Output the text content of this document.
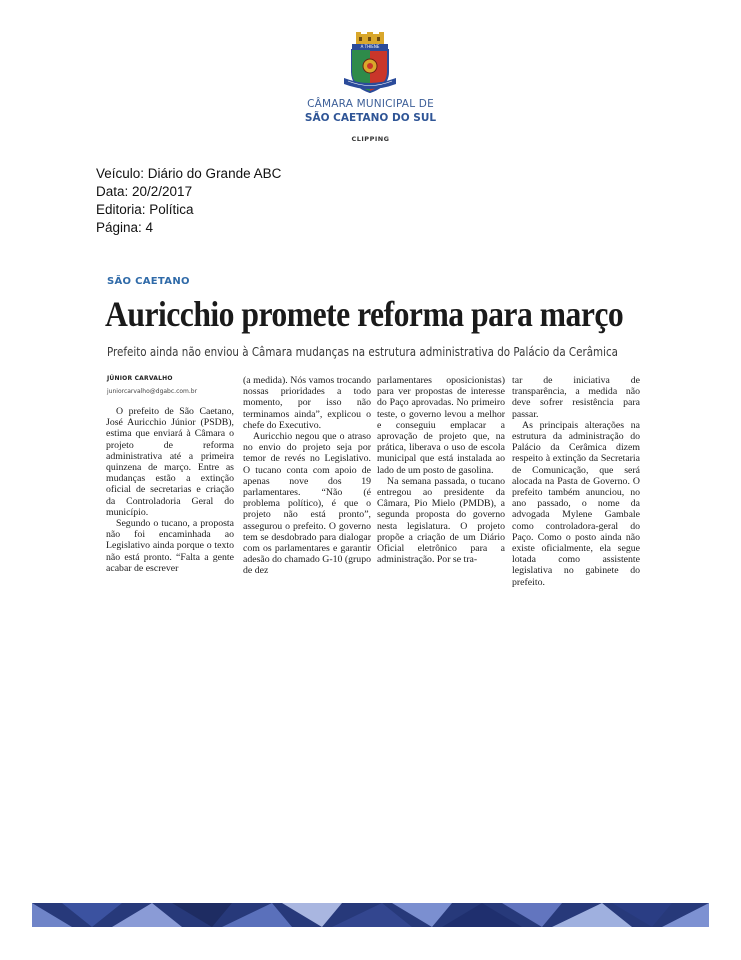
A THIENE
CÂMARA MUNICIPAL DE
SÃO CAETANO DO SUL
CLIPPING
Veículo: Diário do Grande ABC
Data: 20/2/2017
Editoria: Política
Página: 4
SÃO CAETANO
Auricchio promete reforma para março
Prefeito ainda não enviou à Câmara mudanças na estrutura administrativa do Palácio da Cerâmica
JÚNIOR CARVALHO
juniorcarvalho@dgabc.com.br

O prefeito de São Caetano, José Auricchio Júnior (PSDB), estima que enviará à Câmara o projeto de reforma administrativa até a primeira quinzena de março. Entre as mudanças estão a extinção oficial de secretarias e criação da Controladoria Geral do município.

Segundo o tucano, a proposta não foi encaminhada ao Legislativo ainda porque o texto não está pronto. “Falta a gente acabar de escrever

(a medida). Nós vamos trocando nossas prioridades a todo momento, por isso não terminamos ainda”, explicou o chefe do Executivo.

Auricchio negou que o atraso no envio do projeto seja por temor de revés no Legislativo. O tucano conta com apoio de apenas nove dos 19 parlamentares. “Não (é problema político), é que o projeto não está pronto”, assegurou o prefeito. O governo tem se desdobrado para dialogar com os parlamentares e garantir adesão do chamado G-10 (grupo de dez

parlamentares oposicionistas) para ver propostas de interesse do Paço aprovadas. No primeiro teste, o governo levou a melhor e conseguiu emplacar a aprovação de projeto que, na prática, liberava o uso de escola municipal que está instalada ao lado de um posto de gasolina.

Na semana passada, o tucano entregou ao presidente da Câmara, Pio Mielo (PMDB), a segunda proposta do governo nesta legislatura. O projeto propõe a criação de um Diário Oficial eletrônico para a administração. Por se tra-

tar de iniciativa de transparência, a medida não deve sofrer resistência para passar.

As principais alterações na estrutura da administração do Palácio da Cerâmica dizem respeito à extinção da Secretaria de Comunicação, que será alocada na Pasta de Governo. O prefeito também anunciou, no ano passado, o nome da advogada Mylene Gambale como controladora-geral do Paço. Como o posto ainda não existe oficialmente, ela segue lotada como assistente legislativa no gabinete do prefeito.
